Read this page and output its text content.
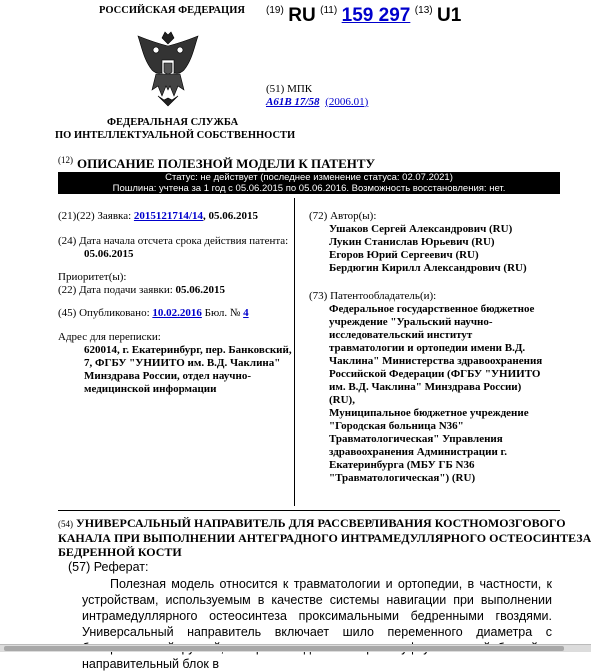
РОССИЙСКАЯ ФЕДЕРАЦИЯ
ФЕДЕРАЛЬНАЯ СЛУЖБА
ПО ИНТЕЛЛЕКТУАЛЬНОЙ СОБСТВЕННОСТИ
$^{(19)}$ RU $^{(11)}$ 159 297 $^{(13)}$ U1
(51) МПК
A61B 17/58 (2006.01)
$^{(12)}$ ОПИСАНИЕ ПОЛЕЗНОЙ МОДЕЛИ К ПАТЕНТУ
Статус: не действует (последнее изменение статуса: 02.07.2021)
Пошлина: учтена за 1 год с 05.06.2015 по 05.06.2016. Возможность восстановления: нет.
(21)(22) Заявка: 2015121714/14, 05.06.2015
(24) Дата начала отсчета срока действия патента:
05.06.2015
Приоритет(ы):
(22) Дата подачи заявки: 05.06.2015
(45) Опубликовано: 10.02.2016 Бюл. № 4
Адрес для переписки:
620014, г. Екатеринбург, пер. Банковский,
7, ФГБУ "УНИИТО им. В.Д. Чаклина"
Минздрава России, отдел научно-
медицинской информации
(72) Автор(ы):
Ушаков Сергей Александрович (RU)
Лукин Станислав Юрьевич (RU)
Егоров Юрий Сергеевич (RU)
Бердюгин Кирилл Александрович (RU)
(73) Патентообладатель(и):
Федеральное государственное бюджетное
учреждение "Уральский научно-
исследовательский институт
травматологии и ортопедии имени В.Д.
Чаклина" Министерства здравоохранения
Российской Федерации (ФГБУ "УНИИТО
им. В.Д. Чаклина" Минздрава России)
(RU),
Муниципальное бюджетное учреждение
"Городская больница N36"
Травматологическая" Управления
здравоохранения Администрации г.
Екатеринбурга (МБУ ГБ N36
"Травматологическая") (RU)
(54) УНИВЕРСАЛЬНЫЙ НАПРАВИТЕЛЬ ДЛЯ РАССВЕРЛИВАНИЯ КОСТНОМОЗГОВОГО
КАНАЛА ПРИ ВЫПОЛНЕНИИ АНТЕГРАДНОГО ИНТРАМЕДУЛЛЯРНОГО ОСТЕОСИНТЕЗА
БЕДРЕННОЙ КОСТИ
(57) Реферат:
Полезная модель относится к травматологии и ортопедии, в частности, к устройствам, используемым в качестве системы навигации при выполнении интрамедуллярного остеосинтеза проксимальными бедренными гвоздями. Универсальный направитель включает шило переменного диаметра с направительный блок в
